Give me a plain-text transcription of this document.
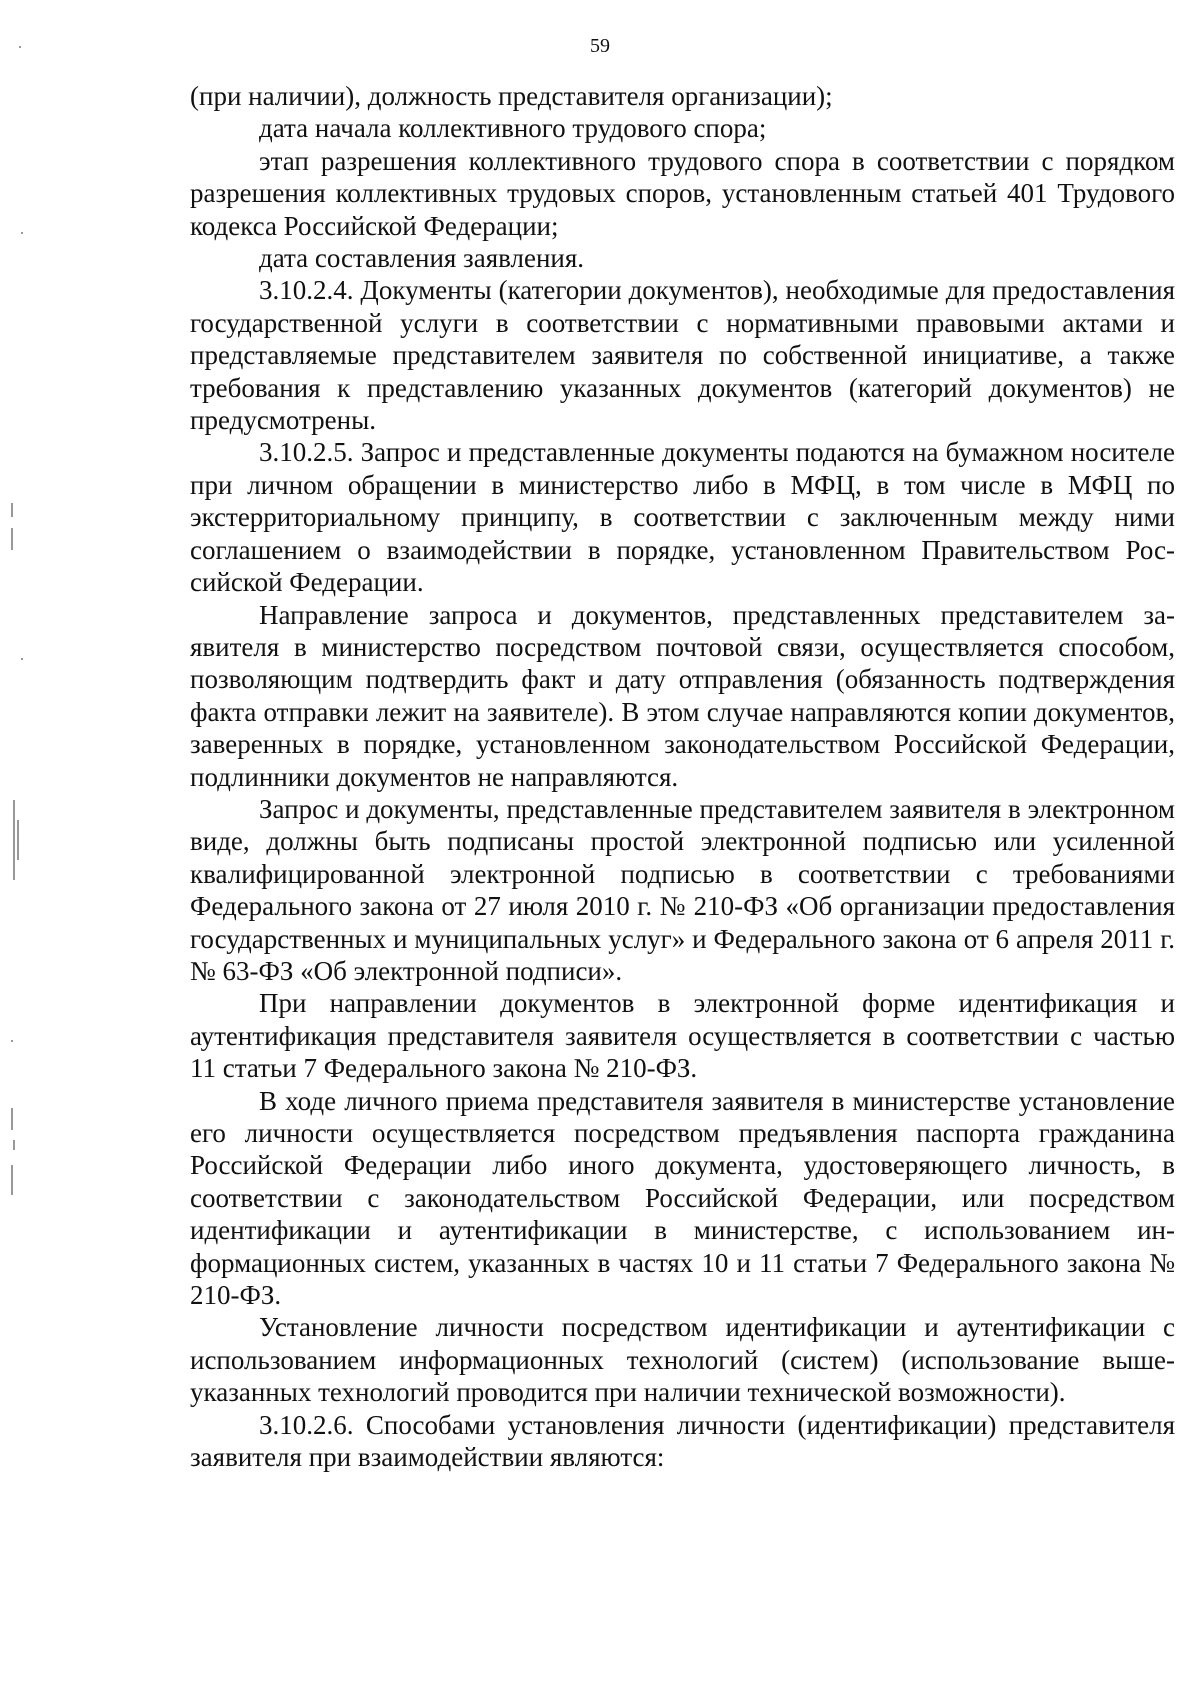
59

(при наличии), должность представителя организации);

дата начала коллективного трудового спора;

этап разрешения коллективного трудового спора в соответствии с порядком разрешения коллективных трудовых споров, установленным статьей 401 Трудового кодекса Российской Федерации;

дата составления заявления.

3.10.2.4. Документы (категории документов), необходимые для предоставления государственной услуги в соответствии с нормативными правовыми актами и представляемые представителем заявителя по собственной инициативе, а также требования к представлению указанных документов (категорий документов) не предусмотрены.

3.10.2.5. Запрос и представленные документы подаются на бумажном носителе при личном обращении в министерство либо в МФЦ, в том числе в МФЦ по экстерриториальному принципу, в соответствии с заключенным между ними соглашением о взаимодействии в порядке, установленном Правительством Российской Федерации.

Направление запроса и документов, представленных представителем заявителя в министерство посредством почтовой связи, осуществляется способом, позволяющим подтвердить факт и дату отправления (обязанность подтверждения факта отправки лежит на заявителе). В этом случае направляются копии документов, заверенных в порядке, установленном законодательством Российской Федерации, подлинники документов не направляются.

Запрос и документы, представленные представителем заявителя в электронном виде, должны быть подписаны простой электронной подписью или усиленной квалифицированной электронной подписью в соответствии с требованиями Федерального закона от 27 июля 2010 г. № 210-ФЗ «Об организации предоставления государственных и муниципальных услуг» и Федерального закона от 6 апреля 2011 г. № 63-ФЗ «Об электронной подписи».

При направлении документов в электронной форме идентификация и аутентификация представителя заявителя осуществляется в соответствии с частью 11 статьи 7 Федерального закона № 210-ФЗ.

В ходе личного приема представителя заявителя в министерстве установление его личности осуществляется посредством предъявления паспорта гражданина Российской Федерации либо иного документа, удостоверяющего личность, в соответствии с законодательством Российской Федерации, или посредством идентификации и аутентификации в министерстве, с использованием информационных систем, указанных в частях 10 и 11 статьи 7 Федерального закона № 210-ФЗ.

Установление личности посредством идентификации и аутентификации с использованием информационных технологий (систем) (использование вышеуказанных технологий проводится при наличии технической возможности).

3.10.2.6. Способами установления личности (идентификации) представителя заявителя при взаимодействии являются:
